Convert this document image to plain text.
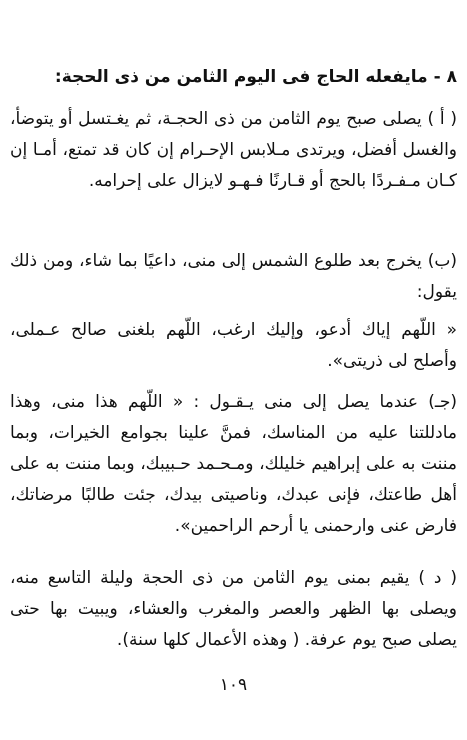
٨ - مايفعله الحاج فى اليوم الثامن من ذى الحجة:
( أ ) يصلى صبح يوم الثامن من ذى الحجـة، ثم يغـتسل أو يتوضأ، والغسل أفضل، ويرتدى مـلابس الإحـرام إن كان قد تمتع، أمـا إن كـان مـفـردًا بالحج أو قـارنًا فـهـو لايزال على إحرامه.
(ب) يخرج بعد طلوع الشمس إلى منى، داعيًا بما شاء، ومن ذلك يقول:
« اللّهم إياك أدعو، وإليك ارغب، اللّهم بلغنى صالح عـملى، وأصلح لى ذريتى».
(جـ) عندما يصل إلى منى يـقـول : « اللّهم هذا منى، وهذا مادللتنا عليه من المناسك، فمنَّ علينا بجوامع الخيرات، وبما مننت به على إبراهيم خليلك، ومـحـمد حـبيبك، وبما مننت به على أهل طاعتك، فإنى عبدك، وناصيتى بيدك، جئت طالبًا مرضاتك، فارض عنى وارحمنى يا أرحم الراحمين».
( د ) يقيم بمنى يوم الثامن من ذى الحجة وليلة التاسع منه، ويصلى بها الظهر والعصر والمغرب والعشاء، ويبيت بها حتى يصلى صبح يوم عرفة. ( وهذه الأعمال كلها سنة).
١٠٩
